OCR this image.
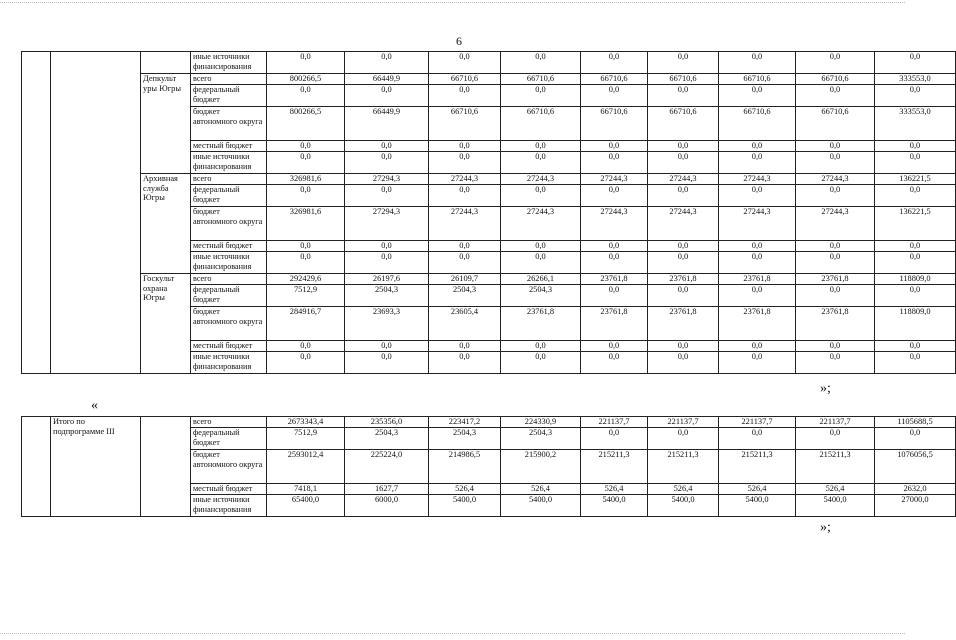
6
			иные источники финансирования	0,0	0,0	0,0	0,0	0,0	0,0	0,0	0,0	0,0
		Депкульт уры Югры	всего	800266,5	66449,9	66710,6	66710,6	66710,6	66710,6	66710,6	66710,6	333553,0
			федеральный бюджет	0,0	0,0	0,0	0,0	0,0	0,0	0,0	0,0	0,0
			бюджет автономного округа	800266,5	66449,9	66710,6	66710,6	66710,6	66710,6	66710,6	66710,6	333553,0
			местный бюджет	0,0	0,0	0,0	0,0	0,0	0,0	0,0	0,0	0,0
			иные источники финансирования	0,0	0,0	0,0	0,0	0,0	0,0	0,0	0,0	0,0
		Архивная служба Югры	всего	326981,6	27294,3	27244,3	27244,3	27244,3	27244,3	27244,3	27244,3	136221,5
			федеральный бюджет	0,0	0,0	0,0	0,0	0,0	0,0	0,0	0,0	0,0
			бюджет автономного округа	326981,6	27294,3	27244,3	27244,3	27244,3	27244,3	27244,3	27244,3	136221,5
			местный бюджет	0,0	0,0	0,0	0,0	0,0	0,0	0,0	0,0	0,0
			иные источники финансирования	0,0	0,0	0,0	0,0	0,0	0,0	0,0	0,0	0,0
		Госкульт охрана Югры	всего	292429,6	26197,6	26109,7	26266,1	23761,8	23761,8	23761,8	23761,8	118809,0
			федеральный бюджет	7512,9	2504,3	2504,3	2504,3	0,0	0,0	0,0	0,0	0,0
			бюджет автономного округа	284916,7	23693,3	23605,4	23761,8	23761,8	23761,8	23761,8	23761,8	118809,0
			местный бюджет	0,0	0,0	0,0	0,0	0,0	0,0	0,0	0,0	0,0
			иные источники финансирования	0,0	0,0	0,0	0,0	0,0	0,0	0,0	0,0	0,0
»;
«
	Итого по подпрограмме III		всего	2673343,4	235356,0	223417,2	224330,9	221137,7	221137,7	221137,7	221137,7	1105688,5
			федеральный бюджет	7512,9	2504,3	2504,3	2504,3	0,0	0,0	0,0	0,0	0,0
			бюджет автономного округа	2593012,4	225224,0	214986,5	215900,2	215211,3	215211,3	215211,3	215211,3	1076056,5
			местный бюджет	7418,1	1627,7	526,4	526,4	526,4	526,4	526,4	526,4	2632,0
			иные источники финансирования	65400,0	6000,0	5400,0	5400,0	5400,0	5400,0	5400,0	5400,0	27000,0
»;
